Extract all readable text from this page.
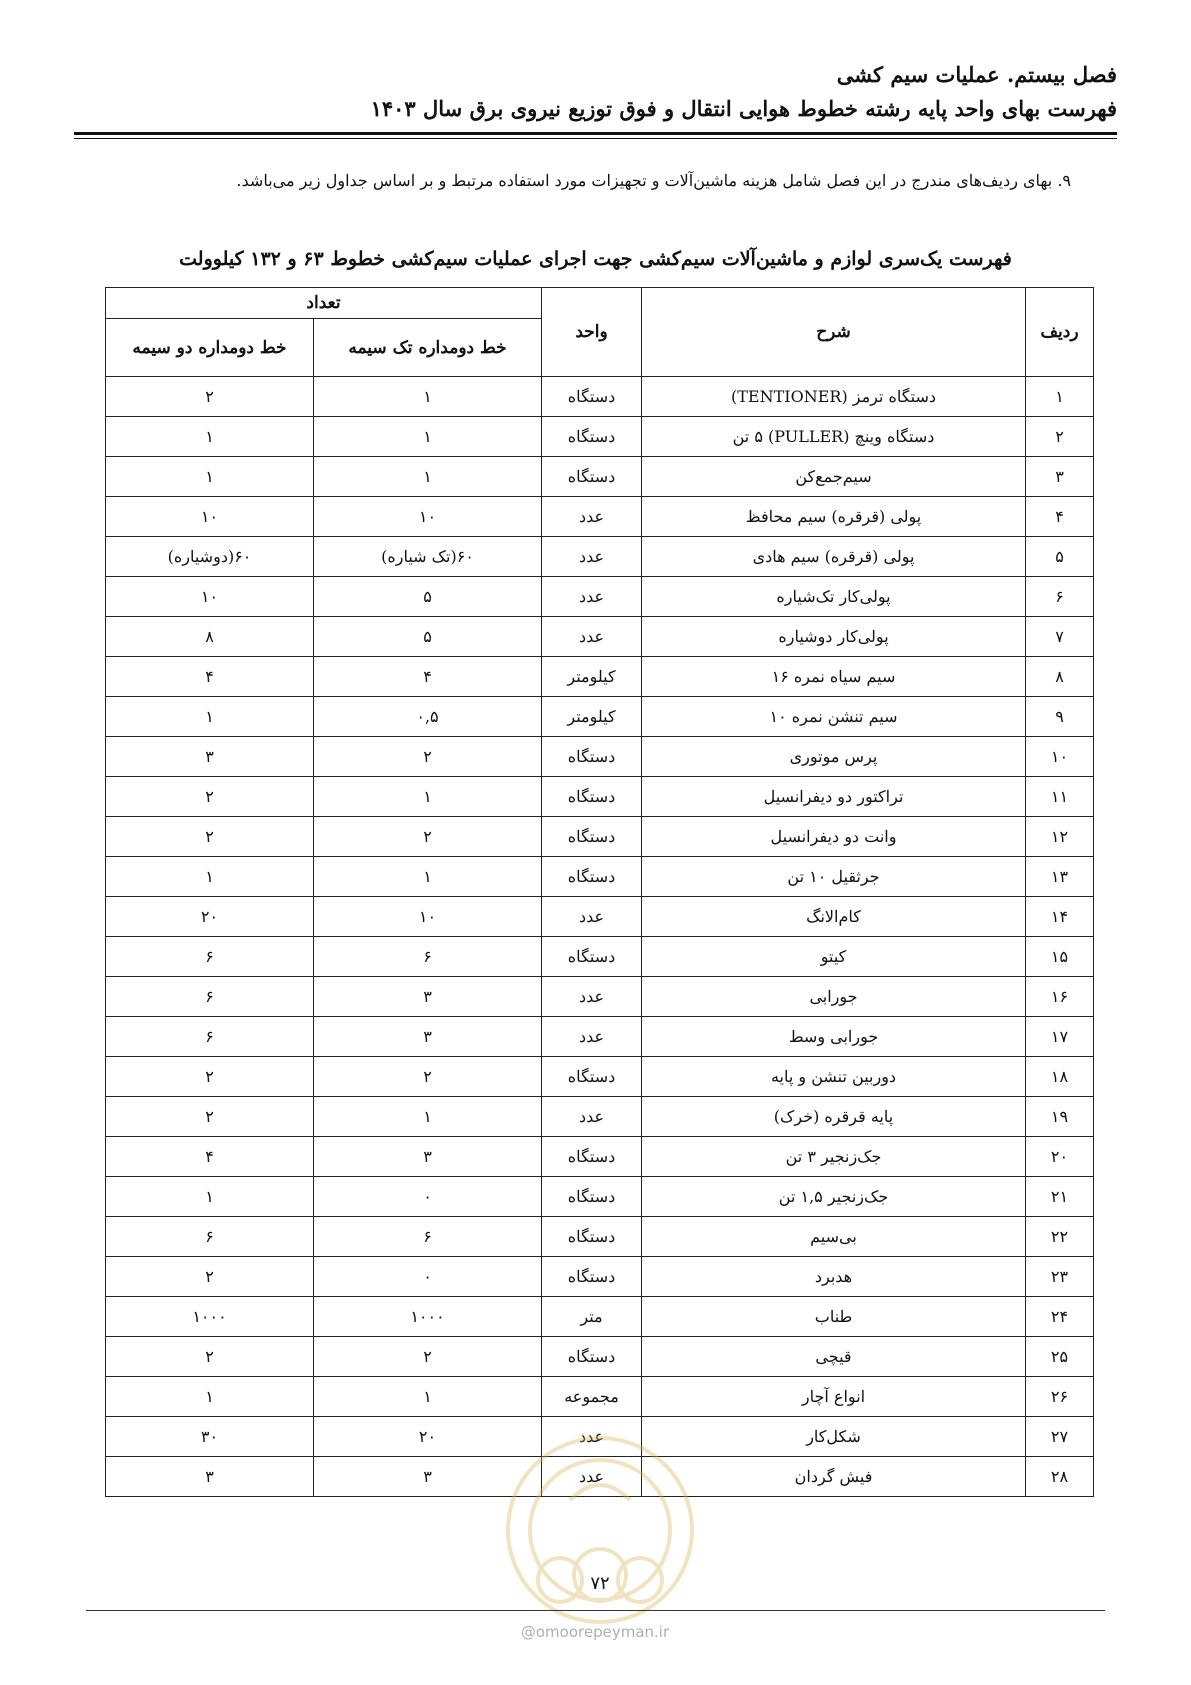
فصل بیستم. عملیات سیم کشی
فهرست بهای واحد پایه رشته خطوط هوایی انتقال و فوق توزیع نیروی برق سال ۱۴۰۳
۹. بهای ردیف‌های مندرج در این فصل شامل هزینه ماشین‌آلات و تجهیزات مورد استفاده مرتبط و بر اساس جداول زیر می‌باشد.
فهرست یک‌سری لوازم و ماشین‌آلات سیم‌کشی جهت اجرای عملیات سیم‌کشی خطوط ۶۳ و ۱۳۲ کیلوولت
ردیف	شرح	واحد	تعداد	
			خط دومداره تک سیمه	خط دومداره دو سیمه
۱	دستگاه ترمز (TENTIONER)	دستگاه	۱	۲
۲	دستگاه وینچ (PULLER) ۵ تن	دستگاه	۱	۱
۳	سیم‌جمع‌کن	دستگاه	۱	۱
۴	پولی (قرقره) سیم محافظ	عدد	۱۰	۱۰
۵	پولی (قرقره) سیم هادی	عدد	۶۰(تک شیاره)	۶۰(دوشیاره)
۶	پولی‌کار تک‌شیاره	عدد	۵	۱۰
۷	پولی‌کار دوشیاره	عدد	۵	۸
۸	سیم سیاه نمره ۱۶	کیلومتر	۴	۴
۹	سیم تنشن نمره ۱۰	کیلومتر	۰,۵	۱
۱۰	پرس موتوری	دستگاه	۲	۳
۱۱	تراکتور دو دیفرانسیل	دستگاه	۱	۲
۱۲	وانت دو دیفرانسیل	دستگاه	۲	۲
۱۳	جرثقیل ۱۰ تن	دستگاه	۱	۱
۱۴	کام‌الانگ	عدد	۱۰	۲۰
۱۵	کیتو	دستگاه	۶	۶
۱۶	جورابی	عدد	۳	۶
۱۷	جورابی وسط	عدد	۳	۶
۱۸	دوربین تنشن و پایه	دستگاه	۲	۲
۱۹	پایه قرقره (خرک)	عدد	۱	۲
۲۰	جک‌زنجیر ۳ تن	دستگاه	۳	۴
۲۱	جک‌زنجیر ۱,۵ تن	دستگاه	۰	۱
۲۲	بی‌سیم	دستگاه	۶	۶
۲۳	هدبرد	دستگاه	۰	۲
۲۴	طناب	متر	۱۰۰۰	۱۰۰۰
۲۵	قیچی	دستگاه	۲	۲
۲۶	انواع آچار	مجموعه	۱	۱
۲۷	شکل‌کار	عدد	۲۰	۳۰
۲۸	فیش گردان	عدد	۳	۳
۷۲
@omoorepeyman.ir
